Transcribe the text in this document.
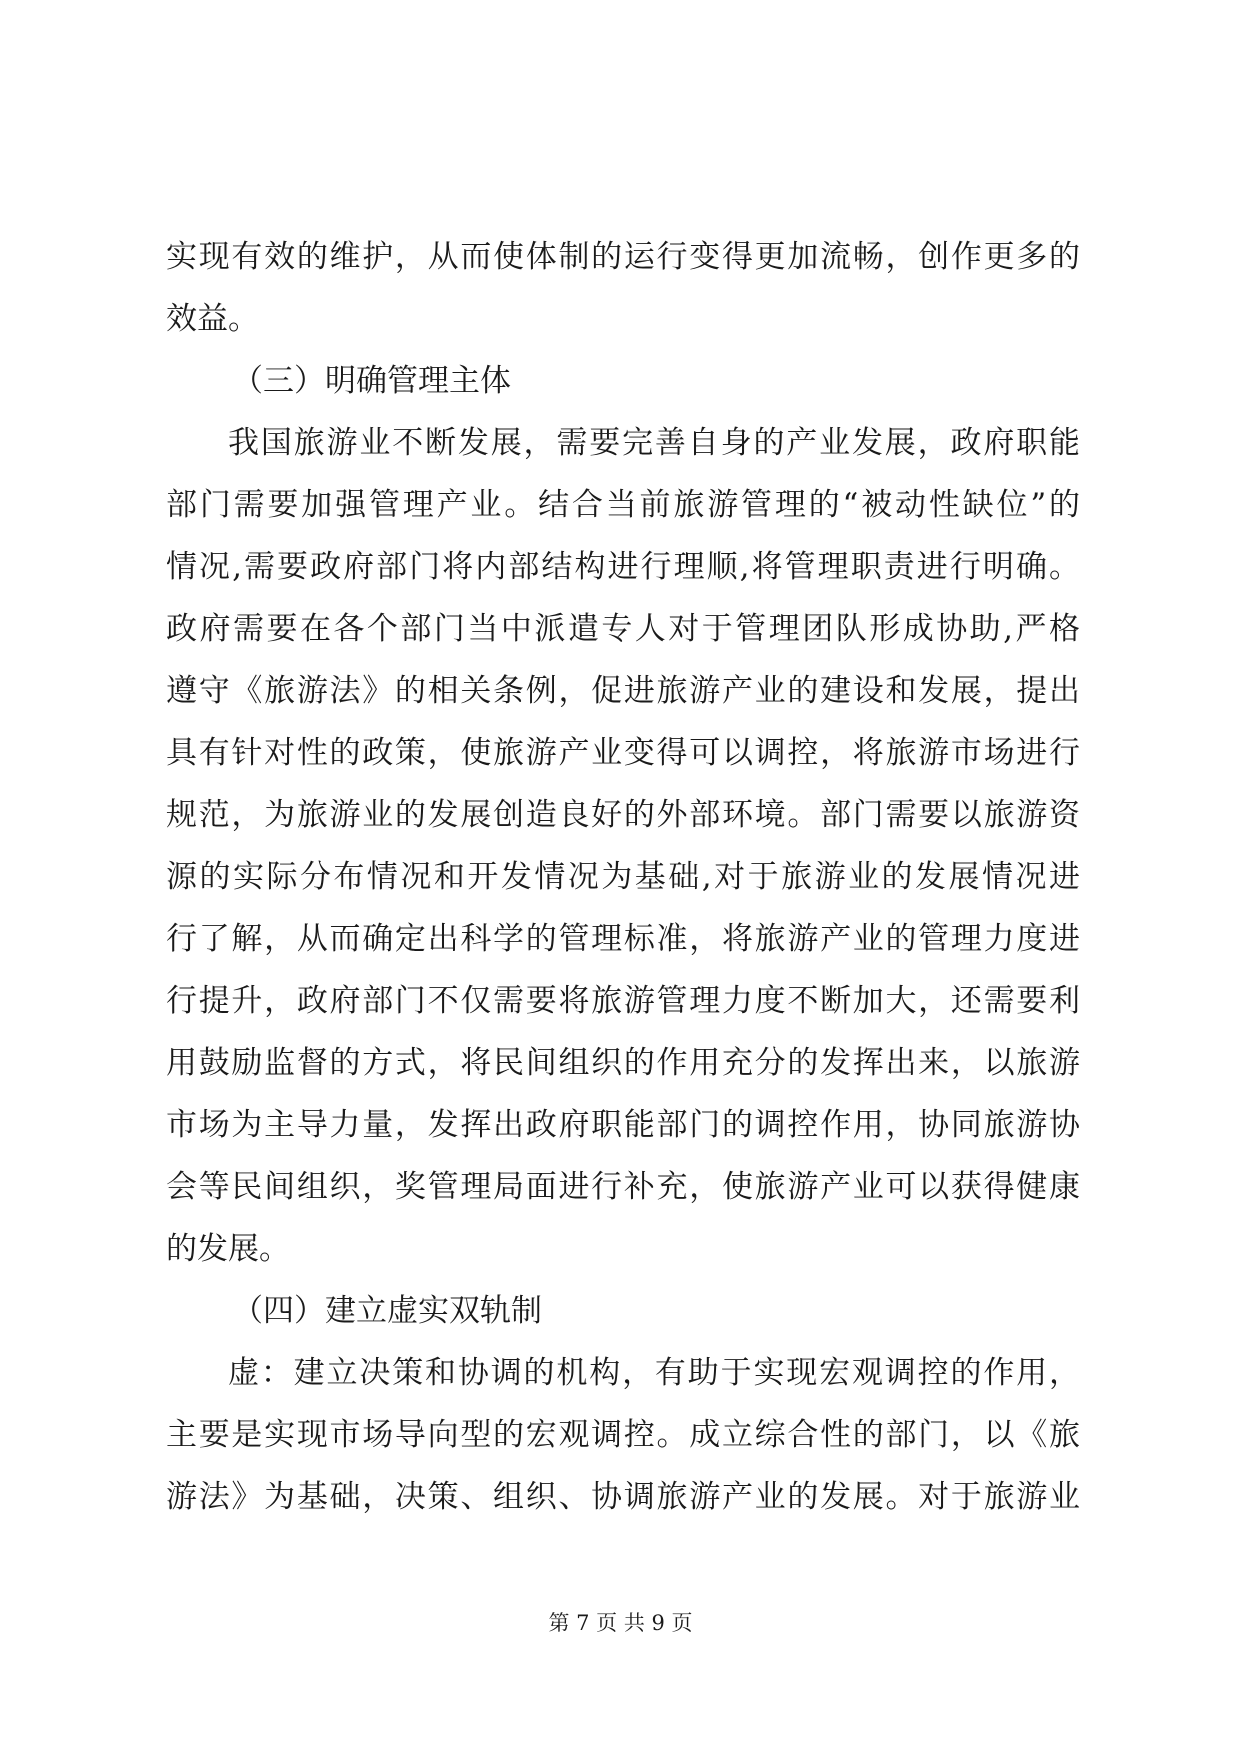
实现有效的维护，从而使体制的运行变得更加流畅，创作更多的
效益。
（三）明确管理主体
我国旅游业不断发展，需要完善自身的产业发展，政府职能
部门需要加强管理产业。结合当前旅游管理的“被动性缺位”的
情况,需要政府部门将内部结构进行理顺,将管理职责进行明确。
政府需要在各个部门当中派遣专人对于管理团队形成协助,严格
遵守《旅游法》的相关条例，促进旅游产业的建设和发展，提出
具有针对性的政策，使旅游产业变得可以调控，将旅游市场进行
规范，为旅游业的发展创造良好的外部环境。部门需要以旅游资
源的实际分布情况和开发情况为基础,对于旅游业的发展情况进
行了解，从而确定出科学的管理标准，将旅游产业的管理力度进
行提升，政府部门不仅需要将旅游管理力度不断加大，还需要利
用鼓励监督的方式，将民间组织的作用充分的发挥出来，以旅游
市场为主导力量，发挥出政府职能部门的调控作用，协同旅游协
会等民间组织，奖管理局面进行补充，使旅游产业可以获得健康
的发展。
（四）建立虚实双轨制
虚：建立决策和协调的机构，有助于实现宏观调控的作用，
主要是实现市场导向型的宏观调控。成立综合性的部门，以《旅
游法》为基础，决策、组织、协调旅游产业的发展。对于旅游业
第 7 页 共 9 页
